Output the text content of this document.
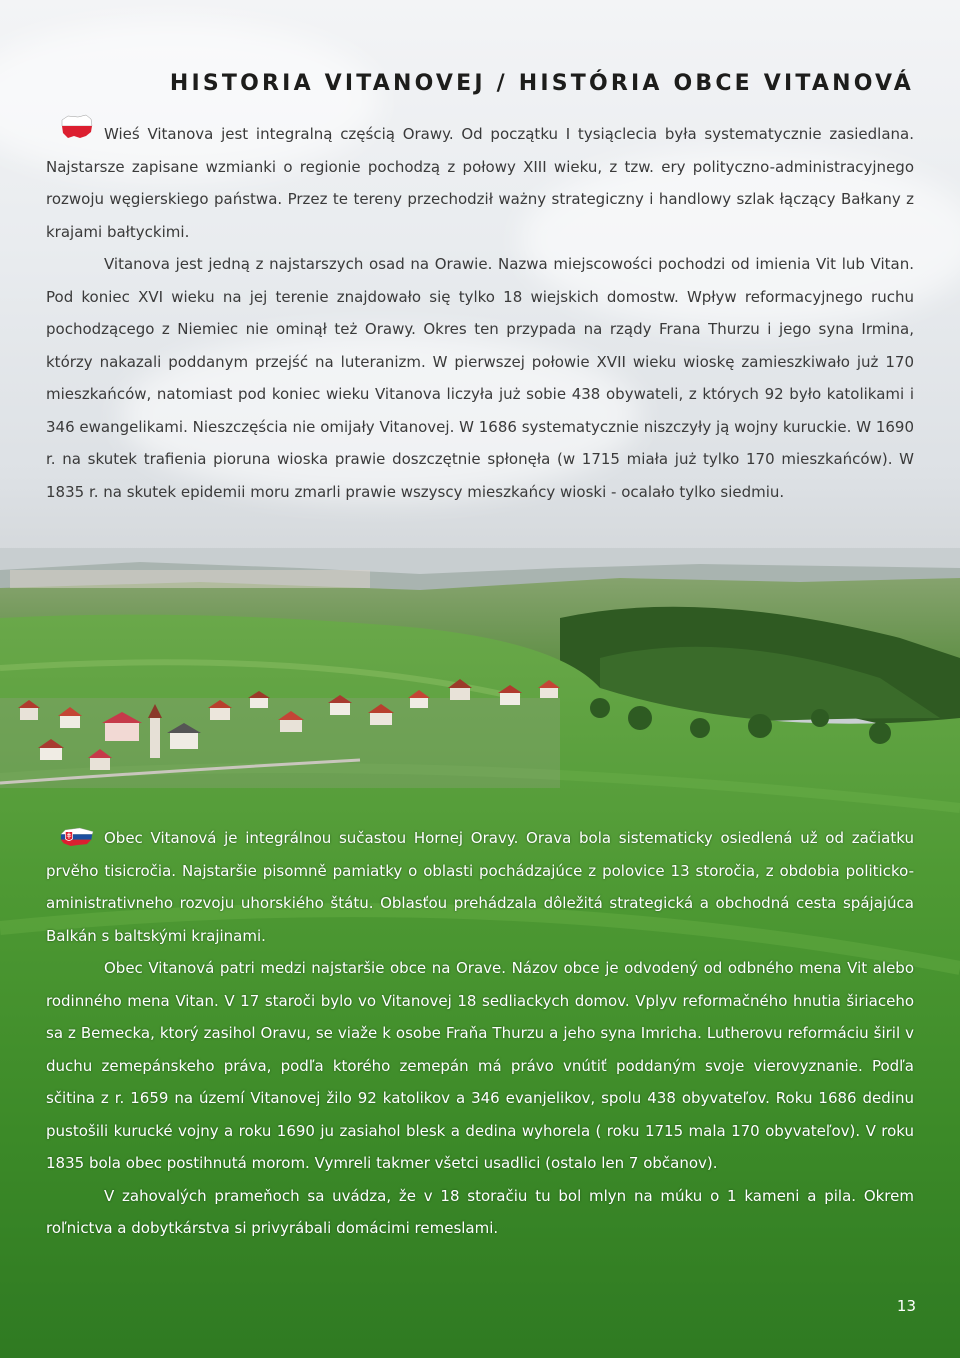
HISTORIA VITANOVEJ / HISTÓRIA OBCE VITANOVÁ

Wieś Vitanova jest integralną częścią Orawy. Od początku I tysiąclecia była systematycznie zasiedlana. Najstarsze zapisane wzmianki o regionie pochodzą z połowy XIII wieku, z tzw. ery polityczno-administracyjnego rozwoju węgierskiego państwa. Przez te tereny przechodził ważny strategiczny i handlowy szlak łączący Bałkany z krajami bałtyckimi.

Vitanova jest jedną z najstarszych osad na Orawie. Nazwa miejscowości pochodzi od imienia Vit lub Vitan. Pod koniec XVI wieku na jej terenie znajdowało się tylko 18 wiejskich domostw. Wpływ reformacyjnego ruchu pochodzącego z Niemiec nie ominął też Orawy. Okres ten przypada na rządy Frana Thurzu i jego syna Irmina, którzy nakazali poddanym przejść na luteranizm. W pierwszej połowie XVII wieku wioskę zamieszkiwało już 170 mieszkańców, natomiast pod koniec wieku Vitanova liczyła już sobie 438 obywateli, z których 92 było katolikami i 346 ewangelikami. Nieszczęścia nie omijały Vitanovej. W 1686 systematycznie niszczyły ją wojny kuruckie. W 1690 r. na skutek trafienia pioruna wioska prawie doszczętnie spłonęła (w 1715 miała już tylko 170 mieszkańców). W 1835 r. na skutek epidemii moru zmarli prawie wszyscy mieszkańcy wioski - ocalało tylko siedmiu.

Obec Vitanová je integrálnou sučastou Hornej Oravy. Orava bola sistematicky osiedlená už od začiatku prvěho tisicročia. Najstaršie pisomně pamiatky o oblasti pochádzajúce z polovice 13 storočia, z obdobia politicko-aministrativneho rozvoju uhorskiého štátu. Oblasťou prehádzala dôležitá strategická a obchodná cesta spájajúca Balkán s baltskými krajinami.

Obec Vitanová patri medzi najstaršie obce na Orave. Názov obce je odvodený od odbného mena Vit alebo rodinného mena Vitan. V 17 staroči bylo vo Vitanovej 18 sedliackych domov. Vplyv reformačného hnutia širiaceho sa z Bemecka, ktorý zasihol Oravu, se viaže k osobe Fraňa Thurzu a jeho syna Imricha. Lutherovu reformáciu širil v duchu zemepánskeho práva, podľa ktorého zemepán má právo vnútiť poddaným svoje vierovyznanie. Podľa sčitina z r. 1659 na území Vitanovej žilo 92 katolikov a 346 evanjelikov, spolu 438 obyvateľov. Roku 1686 dedinu pustošili kurucké vojny a roku 1690 ju zasiahol blesk a dedina wyhorela ( roku 1715 mala 170 obyvateľov). V roku 1835 bola obec postihnutá morom. Vymreli takmer všetci usadlici (ostalo len 7 občanov).

V zahovalých prameňoch sa uvádza, že v 18 storačiu tu bol mlyn na múku o 1 kameni a pila. Okrem roľnictva a dobytkárstva si privyrábali domácimi remeslami.

13
